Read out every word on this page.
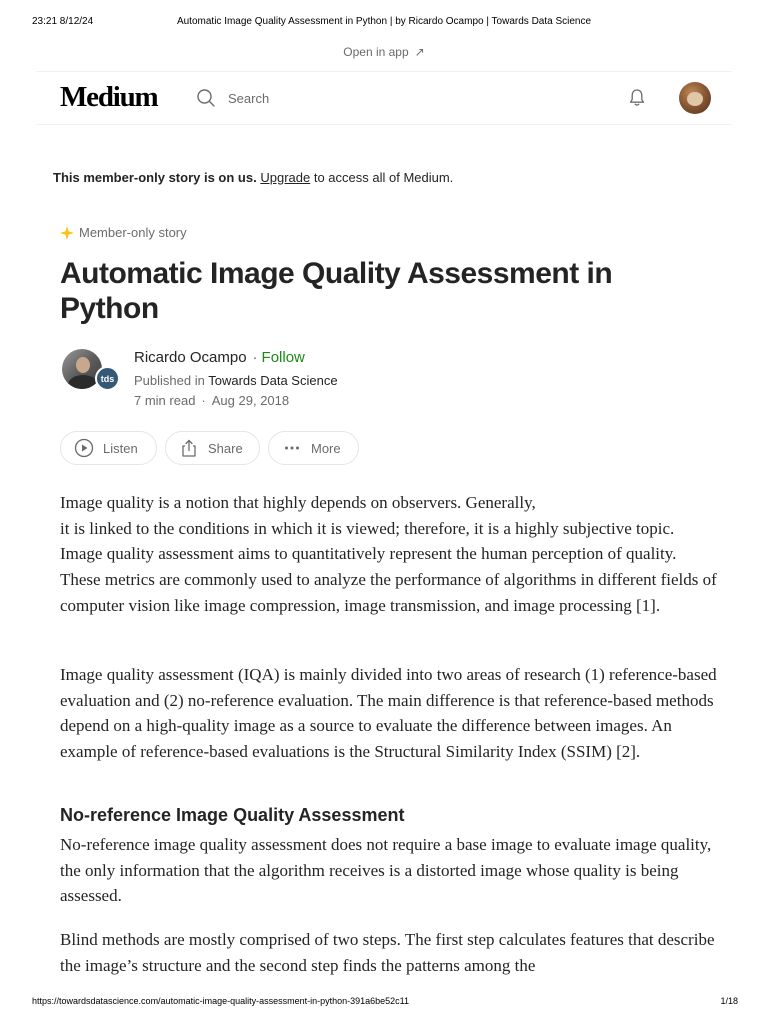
23:21 8/12/24	Automatic Image Quality Assessment in Python | by Ricardo Ocampo | Towards Data Science
Open in app ↗
Medium	Search
This member-only story is on us. Upgrade to access all of Medium.
Member-only story
Automatic Image Quality Assessment in Python
tds
Ricardo Ocampo · Follow
Published in Towards Data Science
7 min read · Aug 29, 2018
Listen	Share	More

Image quality is a notion that highly depends on observers. Generally,
it is linked to the conditions in which it is viewed; therefore, it is a highly subjective topic. Image quality assessment aims to quantitatively represent the human perception of quality. These metrics are commonly used to analyze the performance of algorithms in different fields of computer vision like image compression, image transmission, and image processing [1].

Image quality assessment (IQA) is mainly divided into two areas of research (1) reference-based evaluation and (2) no-reference evaluation. The main difference is that reference-based methods depend on a high-quality image as a source to evaluate the difference between images. An example of reference-based evaluations is the Structural Similarity Index (SSIM) [2].

No-reference Image Quality Assessment

No-reference image quality assessment does not require a base image to evaluate image quality, the only information that the algorithm receives is a distorted image whose quality is being assessed.

Blind methods are mostly comprised of two steps. The first step calculates features that describe the image’s structure and the second step finds the patterns among the

https://towardsdatascience.com/automatic-image-quality-assessment-in-python-391a6be52c11	1/18
